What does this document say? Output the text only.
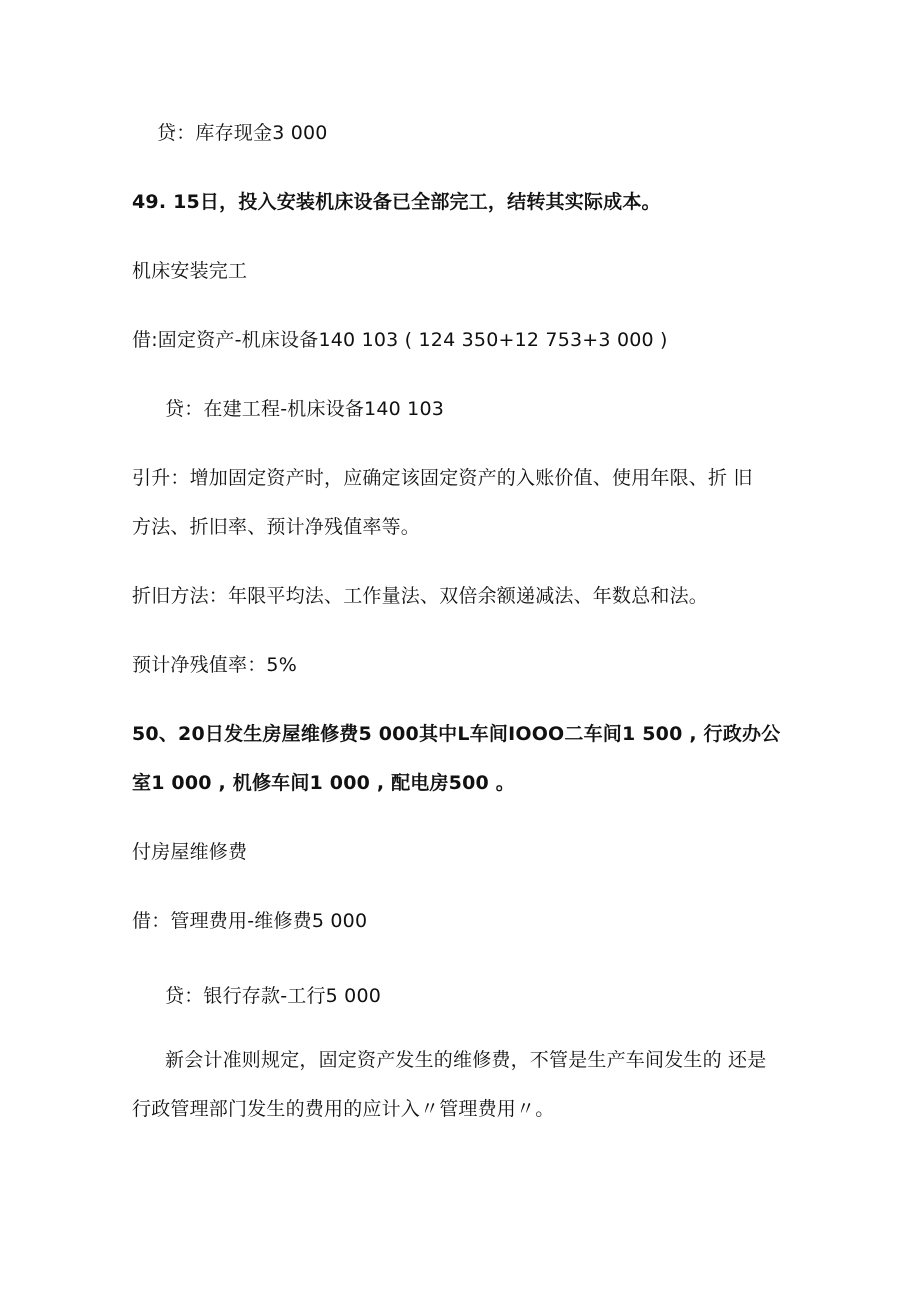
贷：库存现金3 000
49. 15日，投入安装机床设备已全部完工，结转其实际成本。
机床安装完工
借:固定资产-机床设备140 103 ( 124 350+12 753+3 000 )
贷：在建工程-机床设备140 103
引升：增加固定资产时，应确定该固定资产的入账价值、使用年限、折 旧
方法、折旧率、预计净残值率等。
折旧方法：年限平均法、工作量法、双倍余额递减法、年数总和法。
预计净残值率：5%
50、20日发生房屋维修费5 000其中L车间IOOO二车间1 500 , 行政办公
室1 000 , 机修车间1 000 , 配电房500 。
付房屋维修费
借：管理费用-维修费5 000
贷：银行存款-工行5 000
新会计准则规定，固定资产发生的维修费，不管是生产车间发生的 还是
行政管理部门发生的费用的应计入〃管理费用〃。
